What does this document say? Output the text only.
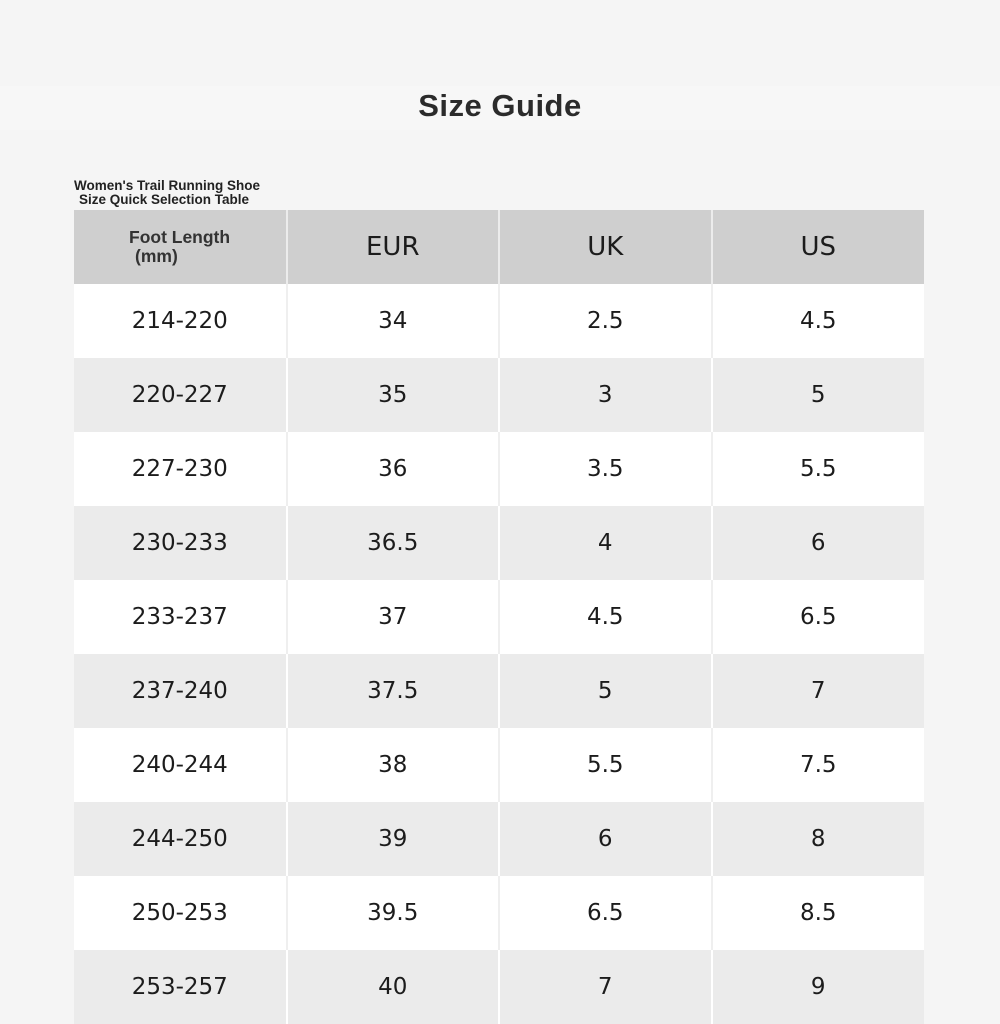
Size Guide
Women's Trail Running Shoe
Size Quick Selection Table
Foot Length
(mm)	EUR	UK	US
214-220	34	2.5	4.5
220-227	35	3	5
227-230	36	3.5	5.5
230-233	36.5	4	6
233-237	37	4.5	6.5
237-240	37.5	5	7
240-244	38	5.5	7.5
244-250	39	6	8
250-253	39.5	6.5	8.5
253-257	40	7	9
